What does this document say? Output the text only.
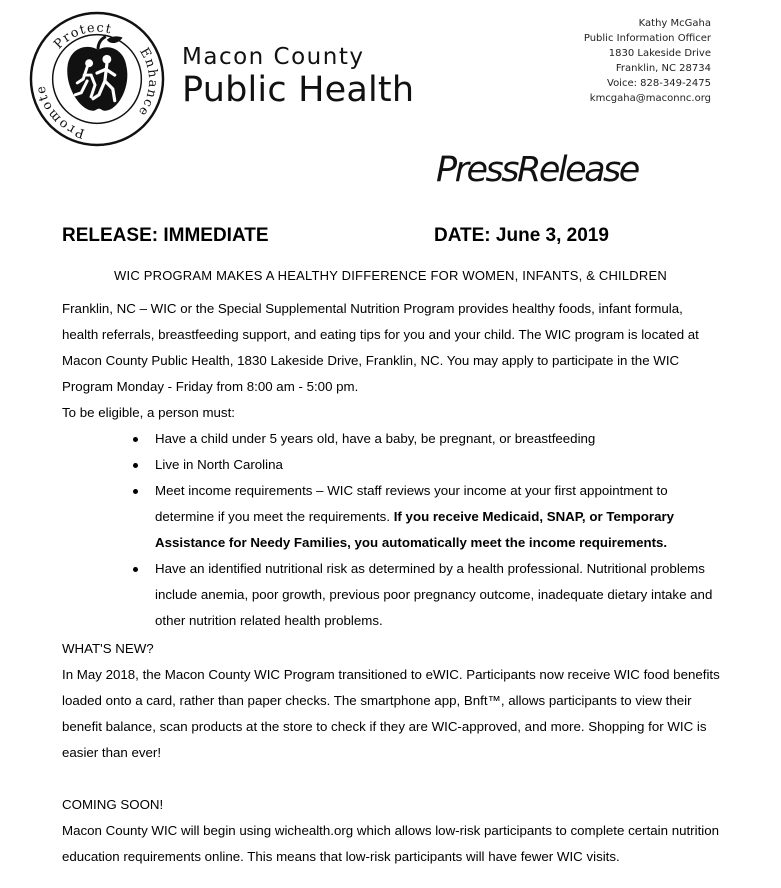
Protect
Promote
Enhance
Macon County
Public Health
Kathy McGaha
Public Information Officer
1830 Lakeside Drive
Franklin, NC 28734
Voice: 828-349-2475
kmcgaha@maconnc.org
PressRelease
RELEASE: IMMEDIATE	DATE: June 3, 2019
WIC PROGRAM MAKES A HEALTHY DIFFERENCE FOR WOMEN, INFANTS, & CHILDREN

Franklin, NC – WIC or the Special Supplemental Nutrition Program provides healthy foods, infant formula, health referrals, breastfeeding support, and eating tips for you and your child. The WIC program is located at Macon County Public Health, 1830 Lakeside Drive, Franklin, NC. You may apply to participate in the WIC Program Monday - Friday from 8:00 am - 5:00 pm.

To be eligible, a person must:

Have a child under 5 years old, have a baby, be pregnant, or breastfeeding
Live in North Carolina
Meet income requirements – WIC staff reviews your income at your first appointment to determine if you meet the requirements. If you receive Medicaid, SNAP, or Temporary Assistance for Needy Families, you automatically meet the income requirements.
Have an identified nutritional risk as determined by a health professional. Nutritional problems include anemia, poor growth, previous poor pregnancy outcome, inadequate dietary intake and other nutrition related health problems.
WHAT'S NEW?
In May 2018, the Macon County WIC Program transitioned to eWIC. Participants now receive WIC food benefits loaded onto a card, rather than paper checks. The smartphone app, Bnft™, allows participants to view their benefit balance, scan products at the store to check if they are WIC-approved, and more. Shopping for WIC is easier than ever!
COMING SOON!
Macon County WIC will begin using wichealth.org which allows low-risk participants to complete certain nutrition education requirements online. This means that low-risk participants will have fewer WIC visits.
